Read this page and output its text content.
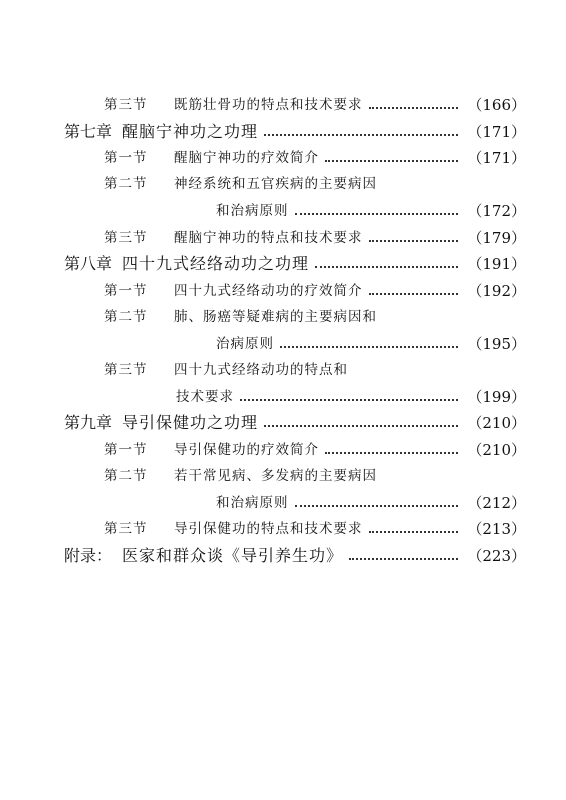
第三节	既筋壮骨功的特点和技术要求	（166）
第七章 醒脑宁神功之功理	（171）
第一节	醒脑宁神功的疗效简介	（171）
第二节	神经系统和五官疾病的主要病因
和治病原则	（172）
第三节	醒脑宁神功的特点和技术要求	（179）
第八章 四十九式经络动功之功理	（191）
第一节	四十九式经络动功的疗效简介	（192）
第二节	肺、肠癌等疑难病的主要病因和
治病原则	（195）
第三节	四十九式经络动功的特点和
技术要求	（199）
第九章 导引保健功之功理	（210）
第一节	导引保健功的疗效简介	（210）
第二节	若干常见病、多发病的主要病因
和治病原则	（212）
第三节	导引保健功的特点和技术要求	（213）
附录： 医家和群众谈《导引养生功》	（223）
